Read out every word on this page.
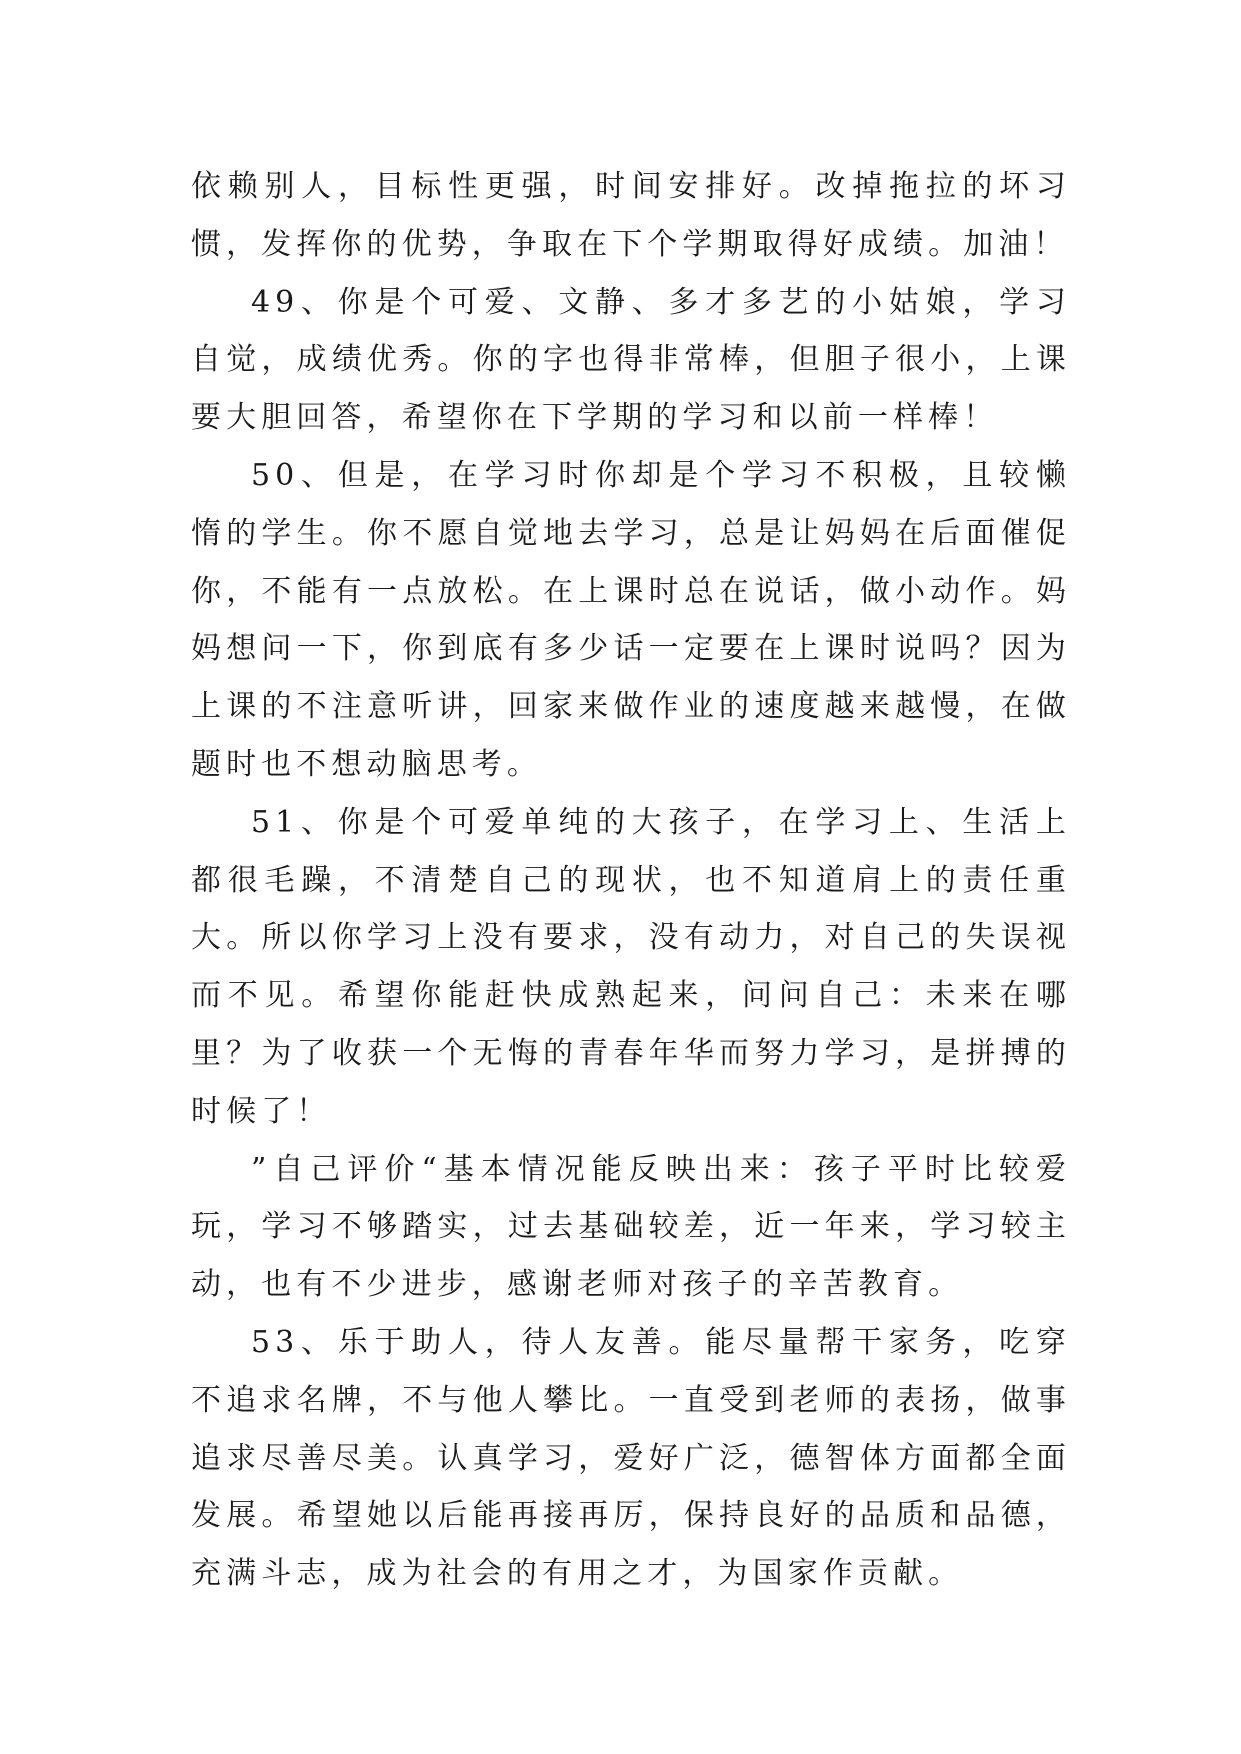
依赖别人，目标性更强，时间安排好。改掉拖拉的坏习惯，发挥你的优势，争取在下个学期取得好成绩。加油！

49、你是个可爱、文静、多才多艺的小姑娘，学习自觉，成绩优秀。你的字也得非常棒，但胆子很小，上课要大胆回答，希望你在下学期的学习和以前一样棒！

50、但是，在学习时你却是个学习不积极，且较懒惰的学生。你不愿自觉地去学习，总是让妈妈在后面催促你，不能有一点放松。在上课时总在说话，做小动作。妈妈想问一下，你到底有多少话一定要在上课时说吗？因为上课的不注意听讲，回家来做作业的速度越来越慢，在做题时也不想动脑思考。

51、你是个可爱单纯的大孩子，在学习上、生活上都很毛躁，不清楚自己的现状，也不知道肩上的责任重大。所以你学习上没有要求，没有动力，对自己的失误视而不见。希望你能赶快成熟起来，问问自己：未来在哪里？为了收获一个无悔的青春年华而努力学习，是拼搏的时候了！

”自己评价“基本情况能反映出来：孩子平时比较爱玩，学习不够踏实，过去基础较差，近一年来，学习较主动，也有不少进步，感谢老师对孩子的辛苦教育。

53、乐于助人，待人友善。能尽量帮干家务，吃穿不追求名牌，不与他人攀比。一直受到老师的表扬，做事追求尽善尽美。认真学习，爱好广泛，德智体方面都全面发展。希望她以后能再接再厉，保持良好的品质和品德，充满斗志，成为社会的有用之才，为国家作贡献。
